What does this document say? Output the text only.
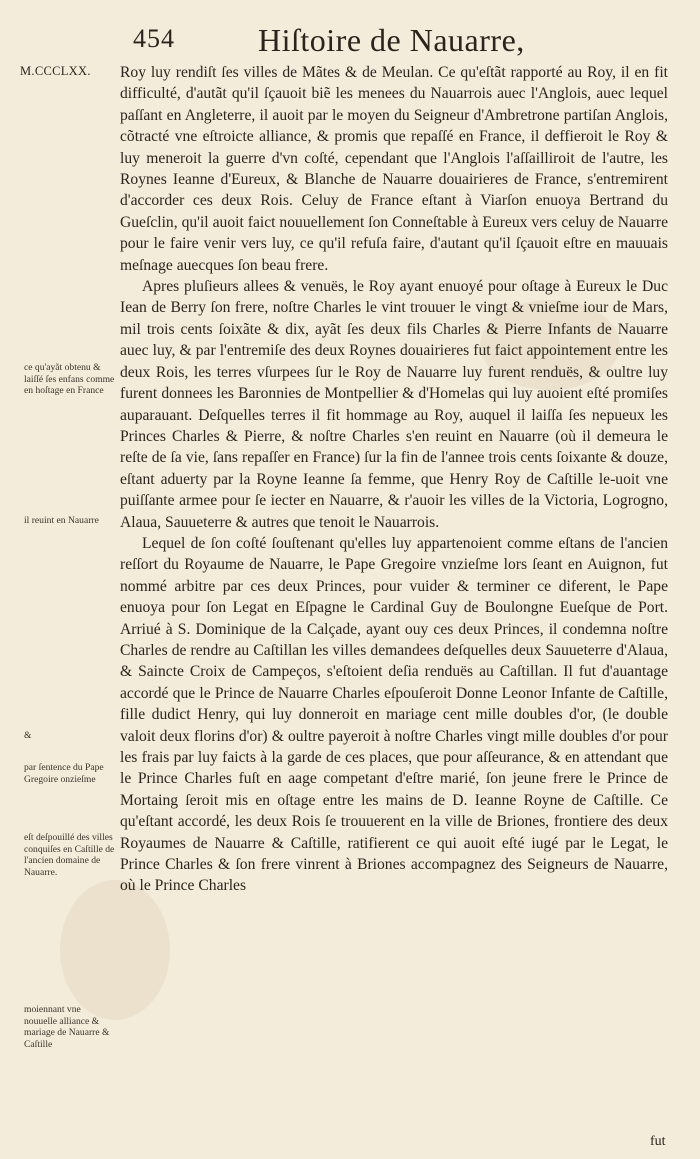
454	Hiſtoire de Nauarre,
M.CCCLXX. Roy luy rendiſt ſes villes de Mãtes & de Meulan. Ce qu'eſtãt rapporté au Roy, il en fit difficulté, d'autãt qu'il ſçauoit biẽ les menees du Nauarrois auec l'Anglois, auec lequel paſſant en Angleterre, il auoit par le moyen du Seigneur d'Ambretrone partiſan Anglois, cõtracté vne eſtroicte alliance, & promis que repaſſé en France, il deffieroit le Roy & luy meneroit la guerre d'vn coſté, cependant que l'Anglois l'aſſailliroit de l'autre, les Roynes Ieanne d'Eureux, & Blanche de Nauarre douairieres de France, s'entremirent d'accorder ces deux Rois. Celuy de France eſtant à Viarſon enuoya Bertrand du Gueſclin, qu'il auoit faict nouuellement ſon Conneſtable à Eureux vers celuy de Nauarre pour le faire venir vers luy, ce qu'il refuſa faire, d'autant qu'il ſçauoit eſtre en mauuais meſnage auecques ſon beau frere.

Apres pluſieurs allees & venuës, le Roy ayant enuoyé pour oſtage à Eureux le Duc Iean de Berry ſon frere, noſtre Charles le vint trouuer le vingt & vnieſme iour de Mars, mil trois cents ſoixãte & dix, ayãt ſes deux fils Charles & Pierre Infants de Nauarre auec luy, & par l'entremiſe des deux Roynes douairieres fut faict appointement entre les deux Rois, les terres vſurpees ſur le Roy de Nauarre luy furent renduës, & oultre luy furent donnees les Baronnies de Montpellier & d'Homelas qui luy auoient eſté promiſes auparauant. Deſquelles terres il fit hommage au Roy, auquel il laiſſa ſes nepueux les Princes Charles & Pierre, & noſtre Charles s'en reuint en Nauarre (où il demeura le reſte de ſa vie, ſans repaſſer en France) ſur la fin de l'annee trois cents ſoixante & douze, eſtant aduerty par la Royne Ieanne ſa femme, que Henry Roy de Caſtille le-uoit vne puiſſante armee pour ſe iecter en Nauarre, & r'auoir les villes de la Victoria, Logrogno, Alaua, Sauueterre & autres que tenoit le Nauarrois.

Lequel de ſon coſté ſouſtenant qu'elles luy appartenoient comme eſtans de l'ancien reſſort du Royaume de Nauarre, le Pape Gregoire vnzieſme lors ſeant en Auignon, fut nommé arbitre par ces deux Princes, pour vuider & terminer ce diferent, le Pape enuoya pour ſon Legat en Eſpagne le Cardinal Guy de Boulongne Eueſque de Port. Arriué à S. Dominique de la Calçade, ayant ouy ces deux Princes, il condemna noſtre Charles de rendre au Caſtillan les villes demandees deſquelles deux Sauueterre d'Alaua, & Saincte Croix de Campeços, s'eſtoient deſia renduës au Caſtillan. Il fut d'auantage accordé que le Prince de Nauarre Charles eſpouſeroit Donne Leonor Infante de Caſtille, fille dudict Henry, qui luy donneroit en mariage cent mille doubles d'or, (le double valoit deux florins d'or) & oultre payeroit à noſtre Charles vingt mille doubles d'or pour les frais par luy faicts à la garde de ces places, que pour aſſeurance, & en attendant que le Prince Charles fuſt en aage competant d'eſtre marié, ſon jeune frere le Prince de Mortaing ſeroit mis en oſtage entre les mains de D. Ieanne Royne de Caſtille. Ce qu'eſtant accordé, les deux Rois ſe trouuerent en la ville de Briones, frontiere des deux Royaumes de Nauarre & Caſtille, ratifierent ce qui auoit eſté iugé par le Legat, le Prince Charles & ſon frere vinrent à Briones accompagnez des Seigneurs de Nauarre, où le Prince Charles

ce qu'ayãt obtenu & laiſſé ſes enfans comme en hoſtage en France
il reuint en Nauarre
&
par ſentence du Pape Gregoire onzieſme
eſt deſpouillé des villes conquiſes en Caſtille de l'ancien domaine de Nauarre.
moiennant vne nouuelle alliance & mariage de Nauarre & Caſtille
fut
